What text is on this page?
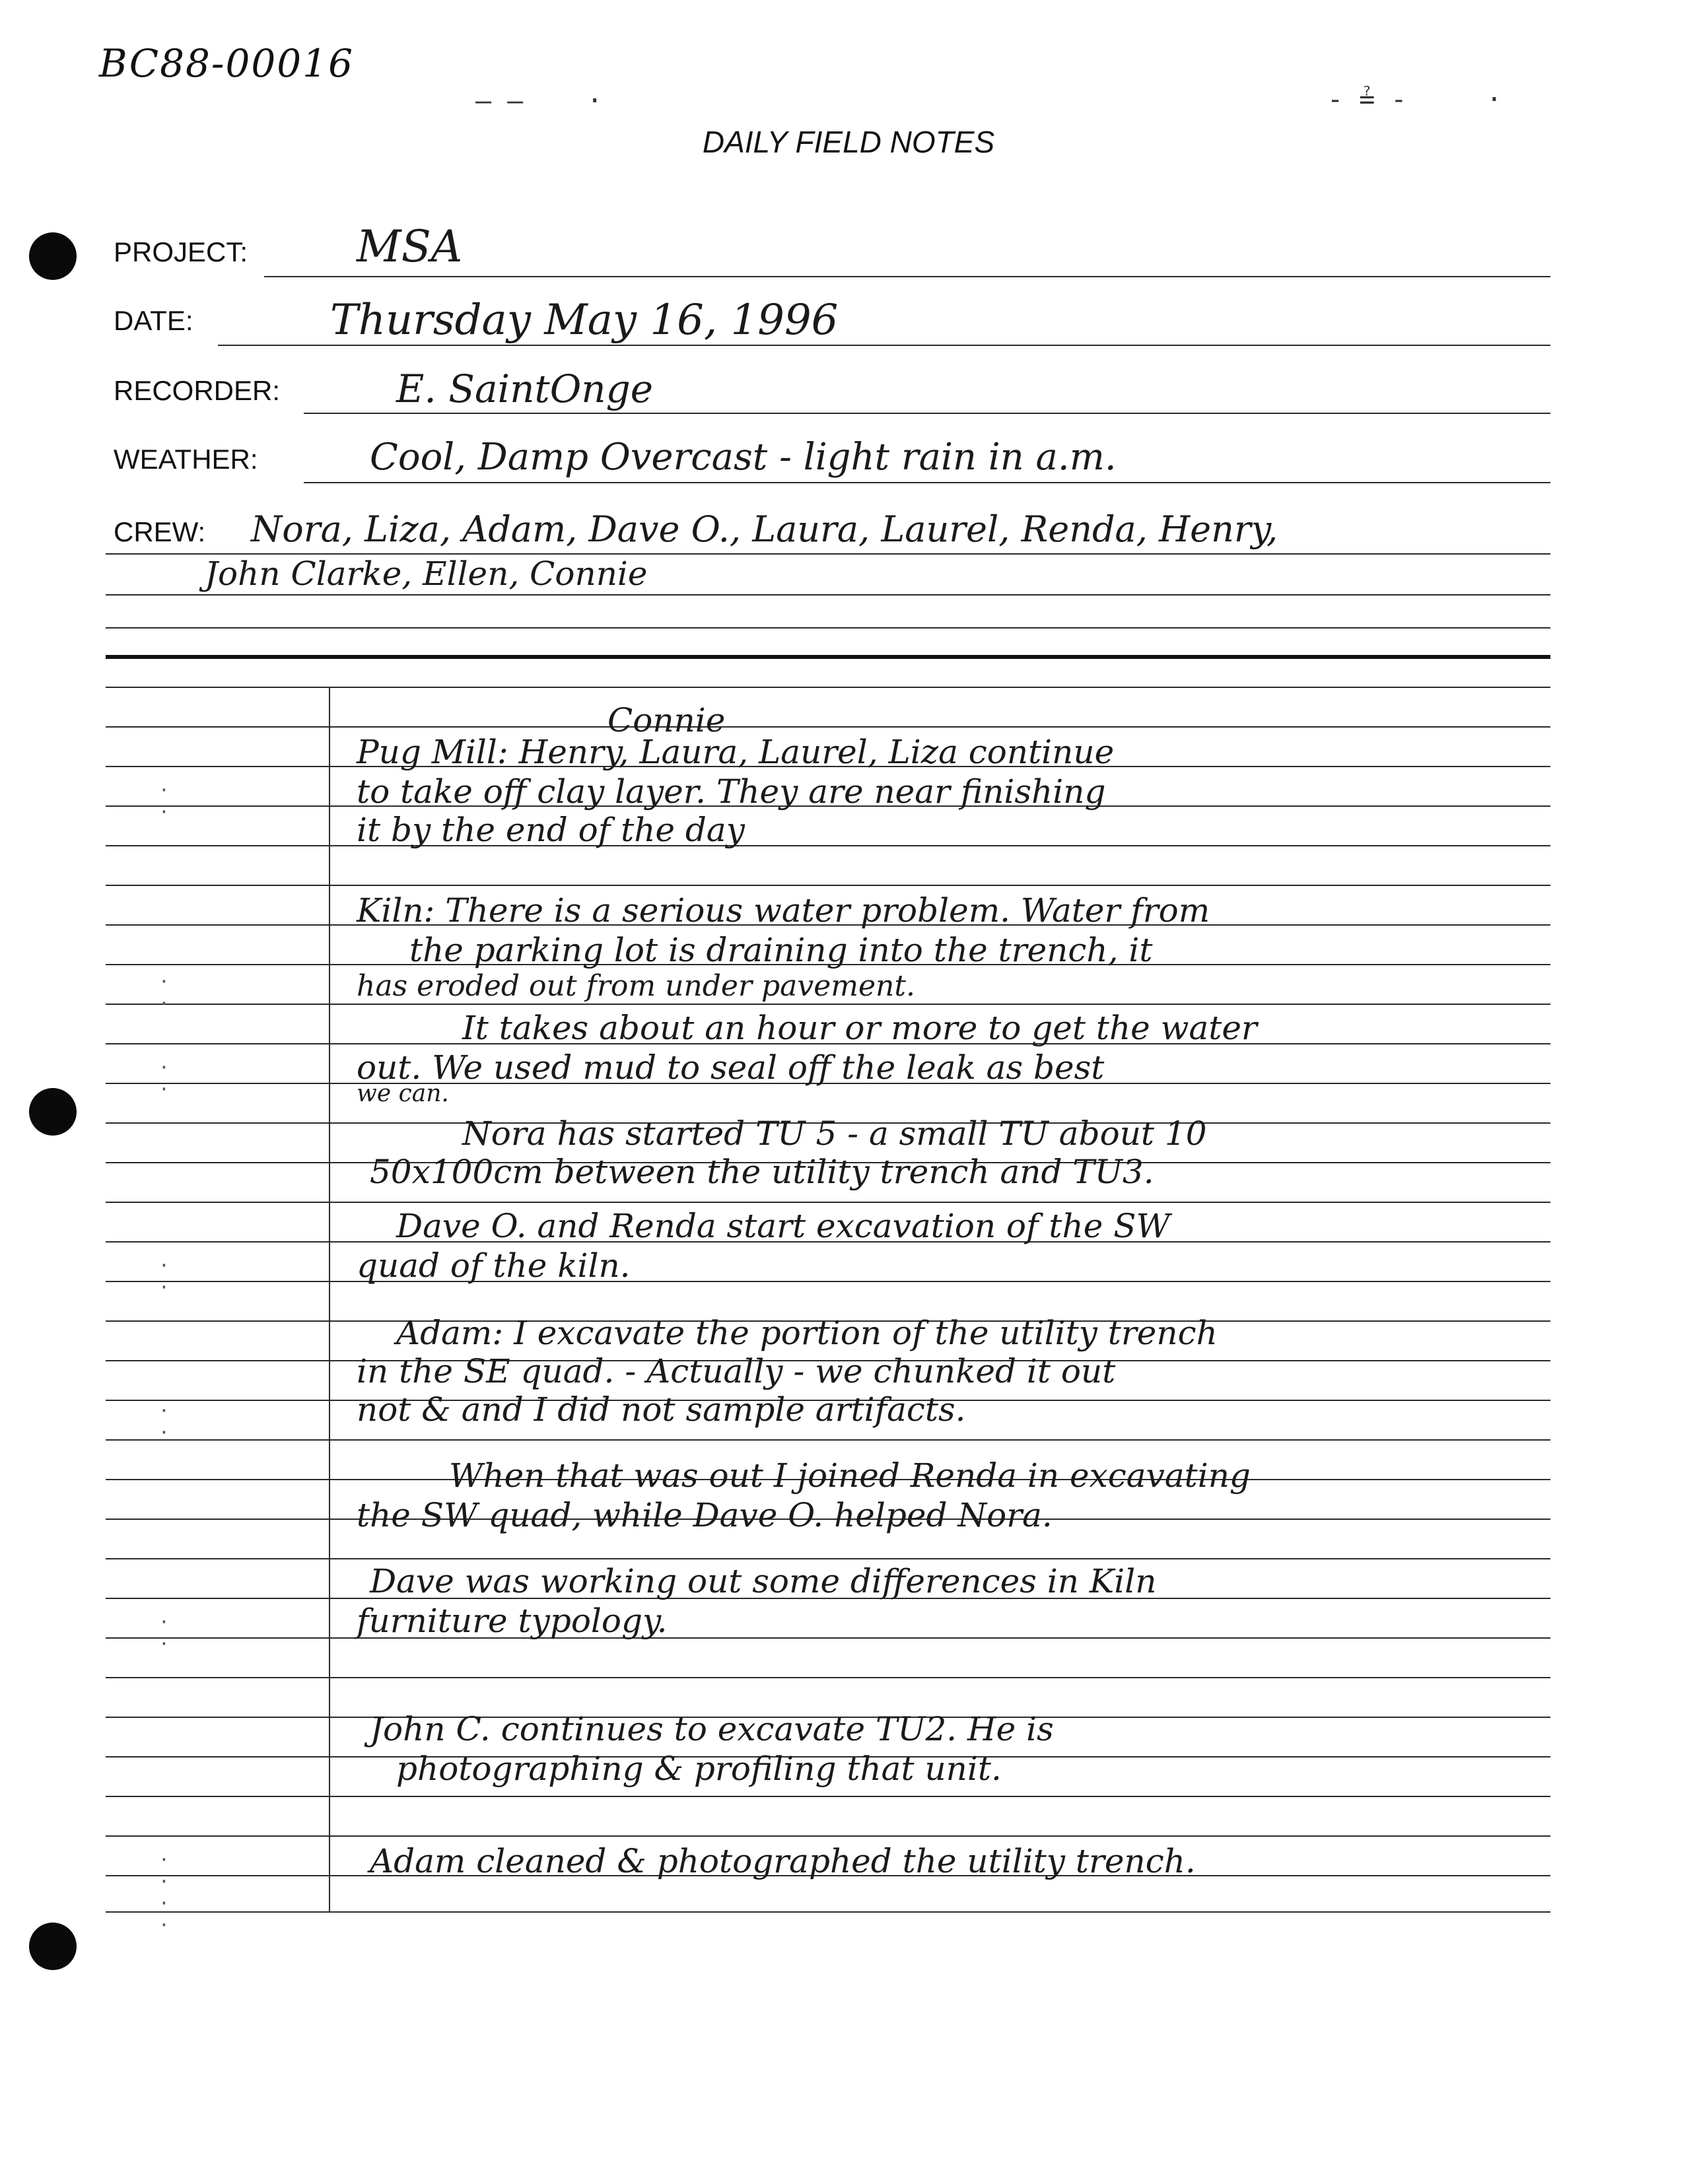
BC88-00016
DAILY FIELD NOTES
— —    ·	- ≟ -     ·
PROJECT: MSA
DATE:	Thursday May 16, 1996
RECORDER:	E. SaintOnge
WEATHER:	Cool, Damp Overcast - light rain in a.m.
CREW: Nora, Liza, Adam, Dave O., Laura, Laurel, Renda, Henry,
John Clarke, Ellen, Connie
· ·
· ·
· ·
· ·
· ·
· ·
· · · ·
Connie
Pug Mill: Henry, Laura, Laurel, Liza continue
to take off clay layer. They are near finishing
it by the end of the day
Kiln: There is a serious water problem. Water from
the parking lot is draining into the trench, it
has eroded out from under pavement.
It takes about an hour or more to get the water
out. We used mud to seal off the leak as best
we can.
Nora has started TU 5 - a small TU about 10
50x100cm between the utility trench and TU3.
Dave O. and Renda start excavation of the SW
quad of the kiln.
Adam: I excavate the portion of the utility trench
in the SE quad. - Actually - we chunked it out
not & and I did not sample artifacts.
When that was out I joined Renda in excavating
the SW quad, while Dave O. helped Nora.
Dave was working out some differences in Kiln
furniture typology.
John C. continues to excavate TU2. He is
photographing & profiling that unit.
Adam cleaned & photographed the utility trench.
